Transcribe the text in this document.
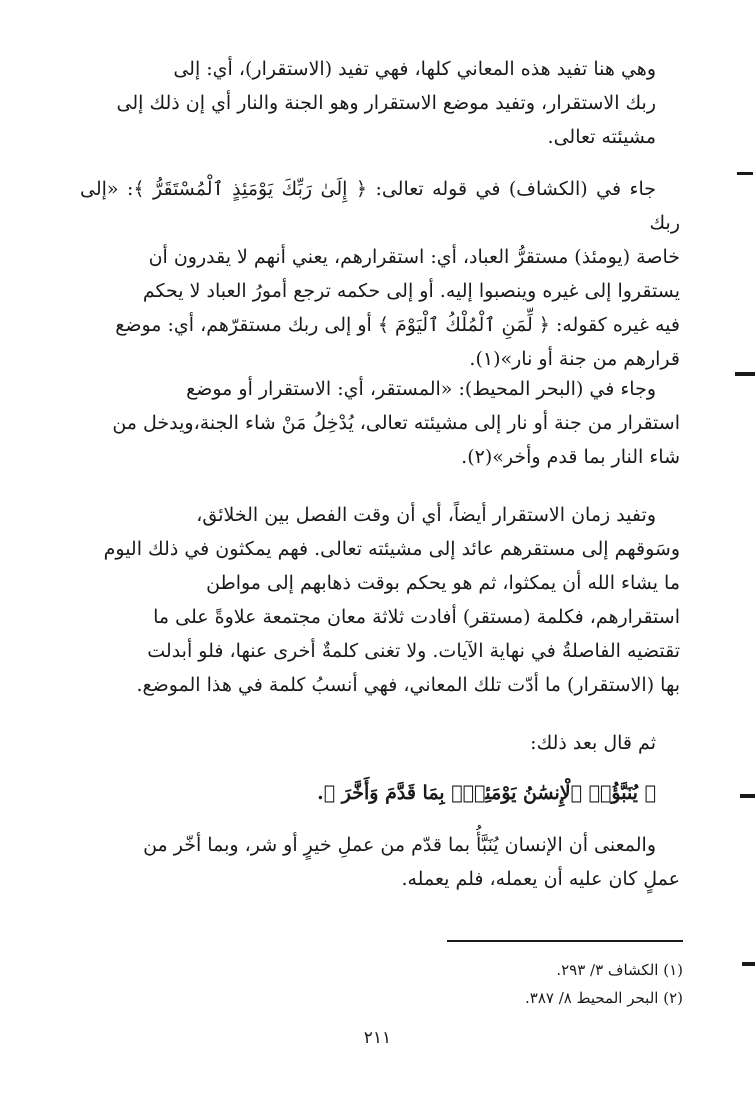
وهي هنا تفيد هذه المعاني كلها، فهي تفيد (الاستقرار)، أي: إلى

ربك الاستقرار، وتفيد موضع الاستقرار وهو الجنة والنار أي إن ذلك إلى

مشيئته تعالى.

جاء في (الكشاف) في قوله تعالى: ﴿ إِلَىٰ رَبِّكَ يَوْمَئِذٍ ٱلْمُسْتَقَرُّ ﴾: «إلى ربك

خاصة (يومئذ) مستقرُّ العباد، أي: استقرارهم، يعني أنهم لا يقدرون أن

يستقروا إلى غيره وينصبوا إليه. أو إلى حكمه ترجع أمورُ العباد لا يحكم

فيه غيره كقوله: ﴿ لِّمَنِ ٱلْمُلْكُ ٱلْيَوْمَ ﴾ أو إلى ربك مستقرّهم، أي: موضع

قرارهم من جنة أو نار»(١).

وجاء في (البحر المحيط): «المستقر، أي: الاستقرار أو موضع

استقرار من جنة أو نار إلى مشيئته تعالى، يُدْخِلُ مَنْ شاء الجنة،ويدخل من

شاء النار بما قدم وأخر»(٢).

وتفيد زمان الاستقرار أيضاً، أي أن وقت الفصل بين الخلائق،

وسَوقهم إلى مستقرهم عائد إلى مشيئته تعالى. فهم يمكثون في ذلك اليوم

ما يشاء الله أن يمكثوا، ثم هو يحكم بوقت ذهابهم إلى مواطن

استقرارهم، فكلمة (مستقر) أفادت ثلاثة معان مجتمعة علاوةً على ما

تقتضيه الفاصلةُ في نهاية الآيات. ولا تغنى كلمةٌ أخرى عنها، فلو أبدلت

بها (الاستقرار) ما أدّت تلك المعاني، فهي أنسبُ كلمة في هذا الموضع.

ثم قال بعد ذلك:

﴿ يُنَبَّؤُا۟ ٱلْإِنسَٰنُ يَوْمَئِذٍۭ بِمَا قَدَّمَ وَأَخَّرَ ﴾.

والمعنى أن الإنسان يُنَبَّأُ بما قدّم من عملِ خيرٍ أو شر، وبما أخّر من

عملٍ كان عليه أن يعمله، فلم يعمله.

(١) الكشاف ٣/ ٢٩٣.
(٢) البحر المحيط ٨/ ٣٨٧.
٢١١
